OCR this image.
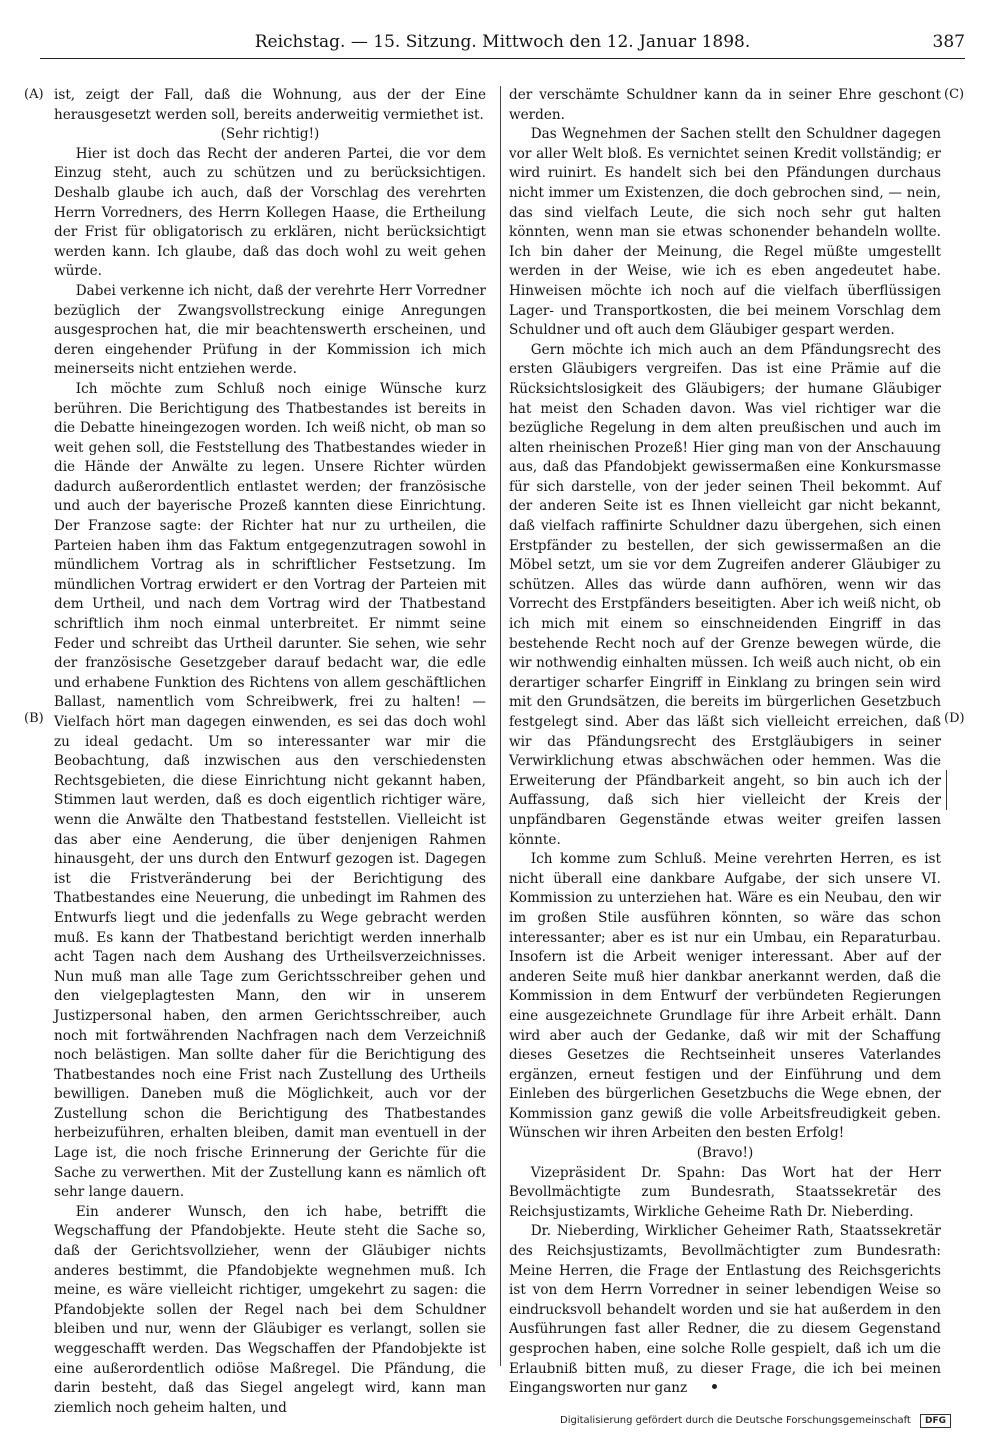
Reichstag. — 15. Sitzung. Mittwoch den 12. Januar 1898.	387
(A)
(B)
(C)
(D)

ist, zeigt der Fall, daß die Wohnung, aus der der Eine herausgesetzt werden soll, bereits anderweitig vermiethet ist.

(Sehr richtig!)

Hier ist doch das Recht der anderen Partei, die vor dem Einzug steht, auch zu schützen und zu berücksichtigen. Deshalb glaube ich auch, daß der Vorschlag des verehrten Herrn Vorredners, des Herrn Kollegen Haase, die Ertheilung der Frist für obligatorisch zu erklären, nicht berücksichtigt werden kann. Ich glaube, daß das doch wohl zu weit gehen würde.

Dabei verkenne ich nicht, daß der verehrte Herr Vorredner bezüglich der Zwangsvollstreckung einige Anregungen ausgesprochen hat, die mir beachtenswerth erscheinen, und deren eingehender Prüfung in der Kommission ich mich meinerseits nicht entziehen werde.

Ich möchte zum Schluß noch einige Wünsche kurz berühren. Die Berichtigung des Thatbestandes ist bereits in die Debatte hineingezogen worden. Ich weiß nicht, ob man so weit gehen soll, die Feststellung des Thatbestandes wieder in die Hände der Anwälte zu legen. Unsere Richter würden dadurch außerordentlich entlastet werden; der französische und auch der bayerische Prozeß kannten diese Einrichtung. Der Franzose sagte: der Richter hat nur zu urtheilen, die Parteien haben ihm das Faktum entgegenzutragen sowohl in mündlichem Vortrag als in schriftlicher Festsetzung. Im mündlichen Vortrag erwidert er den Vortrag der Parteien mit dem Urtheil, und nach dem Vortrag wird der Thatbestand schriftlich ihm noch einmal unterbreitet. Er nimmt seine Feder und schreibt das Urtheil darunter. Sie sehen, wie sehr der französische Gesetzgeber darauf bedacht war, die edle und erhabene Funktion des Richtens von allem geschäftlichen Ballast, namentlich vom Schreibwerk, frei zu halten! — Vielfach hört man dagegen einwenden, es sei das doch wohl zu ideal gedacht. Um so interessanter war mir die Beobachtung, daß inzwischen aus den verschiedensten Rechtsgebieten, die diese Einrichtung nicht gekannt haben, Stimmen laut werden, daß es doch eigentlich richtiger wäre, wenn die Anwälte den Thatbestand feststellen. Vielleicht ist das aber eine Aenderung, die über denjenigen Rahmen hinausgeht, der uns durch den Entwurf gezogen ist. Dagegen ist die Fristveränderung bei der Berichtigung des Thatbestandes eine Neuerung, die unbedingt im Rahmen des Entwurfs liegt und die jedenfalls zu Wege gebracht werden muß. Es kann der Thatbestand berichtigt werden innerhalb acht Tagen nach dem Aushang des Urtheilsverzeichnisses. Nun muß man alle Tage zum Gerichtsschreiber gehen und den vielgeplagtesten Mann, den wir in unserem Justizpersonal haben, den armen Gerichtsschreiber, auch noch mit fortwährenden Nachfragen nach dem Verzeichniß noch belästigen. Man sollte daher für die Berichtigung des Thatbestandes noch eine Frist nach Zustellung des Urtheils bewilligen. Daneben muß die Möglichkeit, auch vor der Zustellung schon die Berichtigung des Thatbestandes herbeizuführen, erhalten bleiben, damit man eventuell in der Lage ist, die noch frische Erinnerung der Gerichte für die Sache zu verwerthen. Mit der Zustellung kann es nämlich oft sehr lange dauern.

Ein anderer Wunsch, den ich habe, betrifft die Wegschaffung der Pfandobjekte. Heute steht die Sache so, daß der Gerichtsvollzieher, wenn der Gläubiger nichts anderes bestimmt, die Pfandobjekte wegnehmen muß. Ich meine, es wäre vielleicht richtiger, umgekehrt zu sagen: die Pfandobjekte sollen der Regel nach bei dem Schuldner bleiben und nur, wenn der Gläubiger es verlangt, sollen sie weggeschafft werden. Das Wegschaffen der Pfandobjekte ist eine außerordentlich odiöse Maßregel. Die Pfändung, die darin besteht, daß das Siegel angelegt wird, kann man ziemlich noch geheim halten, und

der verschämte Schuldner kann da in seiner Ehre geschont werden.

Das Wegnehmen der Sachen stellt den Schuldner dagegen vor aller Welt bloß. Es vernichtet seinen Kredit vollständig; er wird ruinirt. Es handelt sich bei den Pfändungen durchaus nicht immer um Existenzen, die doch gebrochen sind, — nein, das sind vielfach Leute, die sich noch sehr gut halten könnten, wenn man sie etwas schonender behandeln wollte. Ich bin daher der Meinung, die Regel müßte umgestellt werden in der Weise, wie ich es eben angedeutet habe. Hinweisen möchte ich noch auf die vielfach überflüssigen Lager- und Transportkosten, die bei meinem Vorschlag dem Schuldner und oft auch dem Gläubiger gespart werden.

Gern möchte ich mich auch an dem Pfändungsrecht des ersten Gläubigers vergreifen. Das ist eine Prämie auf die Rücksichtslosigkeit des Gläubigers; der humane Gläubiger hat meist den Schaden davon. Was viel richtiger war die bezügliche Regelung in dem alten preußischen und auch im alten rheinischen Prozeß! Hier ging man von der Anschauung aus, daß das Pfandobjekt gewissermaßen eine Konkursmasse für sich darstelle, von der jeder seinen Theil bekommt. Auf der anderen Seite ist es Ihnen vielleicht gar nicht bekannt, daß vielfach raffinirte Schuldner dazu übergehen, sich einen Erstpfänder zu bestellen, der sich gewissermaßen an die Möbel setzt, um sie vor dem Zugreifen anderer Gläubiger zu schützen. Alles das würde dann aufhören, wenn wir das Vorrecht des Erstpfänders beseitigten. Aber ich weiß nicht, ob ich mich mit einem so einschneidenden Eingriff in das bestehende Recht noch auf der Grenze bewegen würde, die wir nothwendig einhalten müssen. Ich weiß auch nicht, ob ein derartiger scharfer Eingriff in Einklang zu bringen sein wird mit den Grundsätzen, die bereits im bürgerlichen Gesetzbuch festgelegt sind. Aber das läßt sich vielleicht erreichen, daß wir das Pfändungsrecht des Erstgläubigers in seiner Verwirklichung etwas abschwächen oder hemmen. Was die Erweiterung der Pfändbarkeit angeht, so bin auch ich der Auffassung, daß sich hier vielleicht der Kreis der unpfändbaren Gegenstände etwas weiter greifen lassen könnte.

Ich komme zum Schluß. Meine verehrten Herren, es ist nicht überall eine dankbare Aufgabe, der sich unsere VI. Kommission zu unterziehen hat. Wäre es ein Neubau, den wir im großen Stile ausführen könnten, so wäre das schon interessanter; aber es ist nur ein Umbau, ein Reparaturbau. Insofern ist die Arbeit weniger interessant. Aber auf der anderen Seite muß hier dankbar anerkannt werden, daß die Kommission in dem Entwurf der verbündeten Regierungen eine ausgezeichnete Grundlage für ihre Arbeit erhält. Dann wird aber auch der Gedanke, daß wir mit der Schaffung dieses Gesetzes die Rechtseinheit unseres Vaterlandes ergänzen, erneut festigen und der Einführung und dem Einleben des bürgerlichen Gesetzbuchs die Wege ebnen, der Kommission ganz gewiß die volle Arbeitsfreudigkeit geben. Wünschen wir ihren Arbeiten den besten Erfolg!

(Bravo!)

Vizepräsident Dr. Spahn: Das Wort hat der Herr Bevollmächtigte zum Bundesrath, Staatssekretär des Reichsjustizamts, Wirkliche Geheime Rath Dr. Nieberding.

Dr. Nieberding, Wirklicher Geheimer Rath, Staatssekretär des Reichsjustizamts, Bevollmächtigter zum Bundesrath: Meine Herren, die Frage der Entlastung des Reichsgerichts ist von dem Herrn Vorredner in seiner lebendigen Weise so eindrucksvoll behandelt worden und sie hat außerdem in den Ausführungen fast aller Redner, die zu diesem Gegenstand gesprochen haben, eine solche Rolle gespielt, daß ich um die Erlaubniß bitten muß, zu dieser Frage, die ich bei meinen Eingangsworten nur ganz

Digitalisierung gefördert durch die Deutsche Forschungsgemeinschaft DFG
